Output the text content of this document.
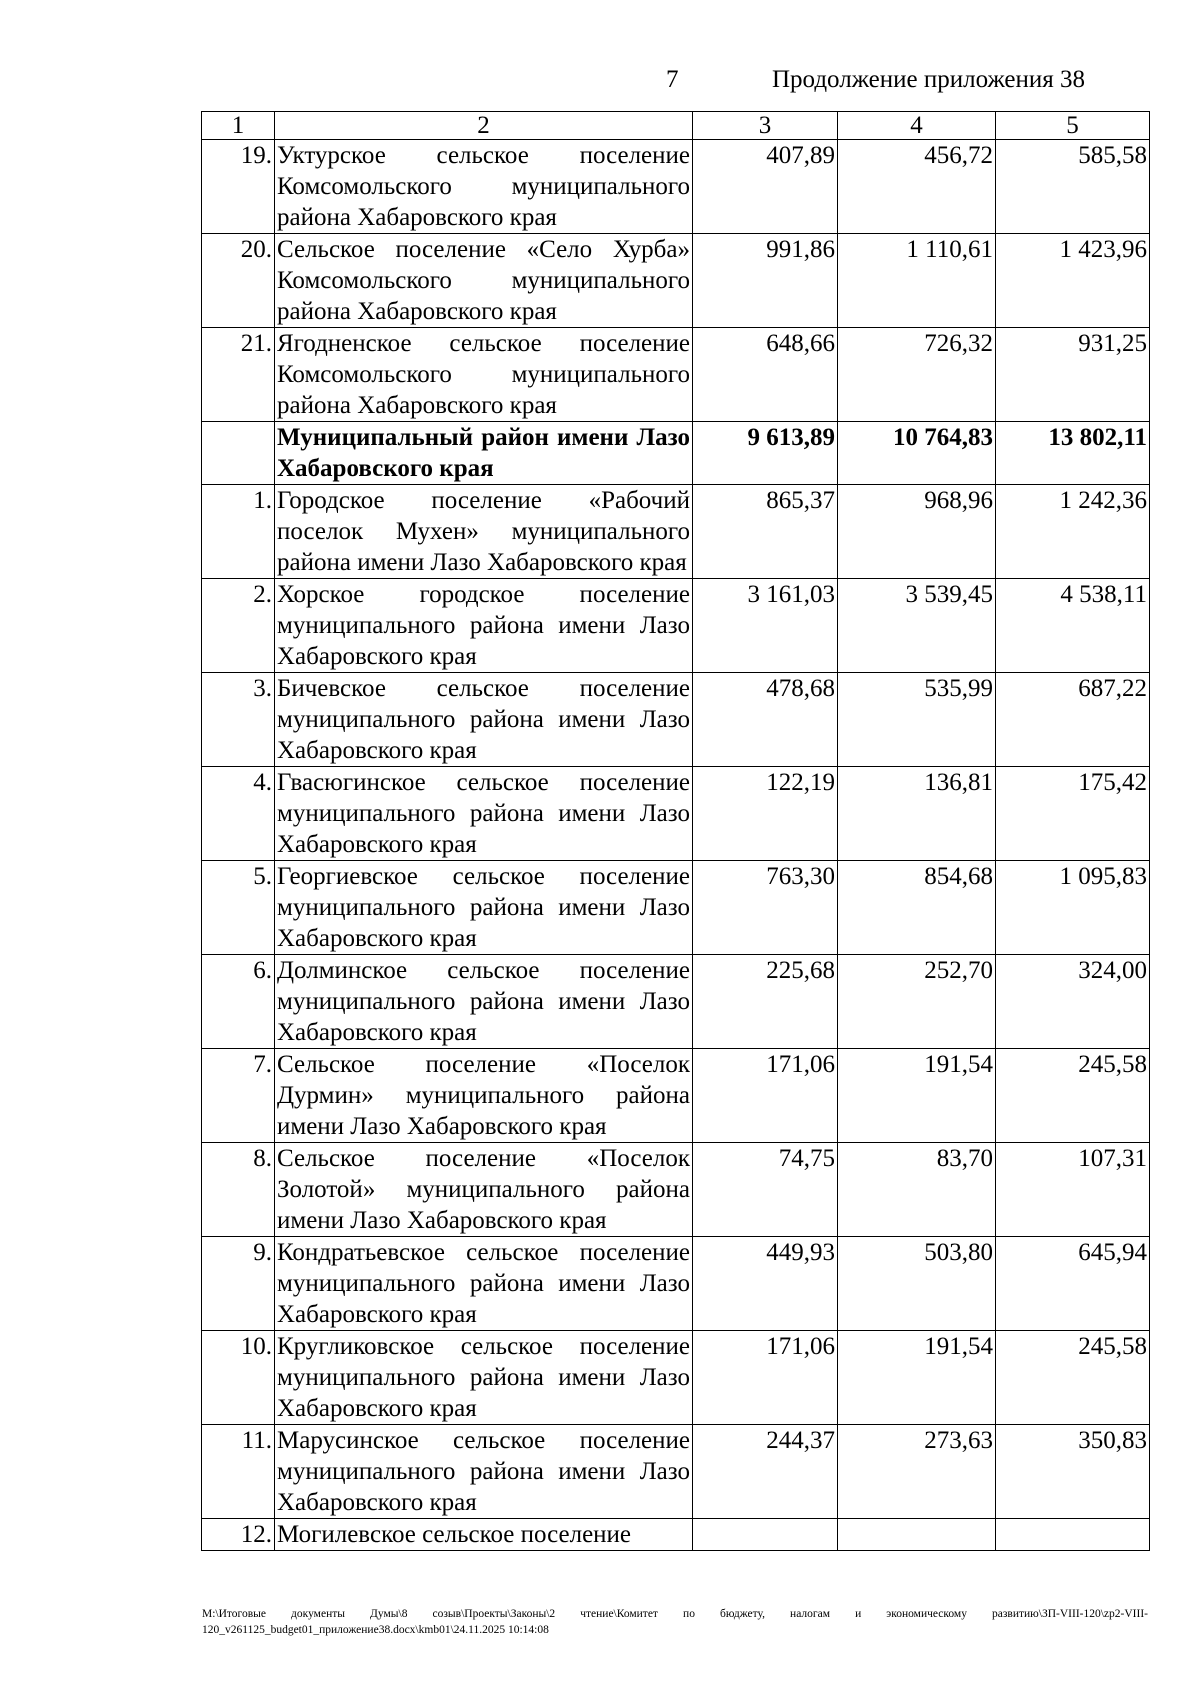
7	Продолжение приложения 38
1	2	3	4	5
19.	Уктурское сельское поселение Комсомольского муниципального района Хабаровского края	407,89	456,72	585,58
20.	Сельское поселение «Село Хурба» Комсомольского муниципального района Хабаровского края	991,86	1 110,61	1 423,96
21.	Ягодненское сельское поселение Комсомольского муниципального района Хабаровского края	648,66	726,32	931,25
	Муниципальный район имени Лазо Хабаровского края	9 613,89	10 764,83	13 802,11
1.	Городское поселение «Рабочий поселок Мухен» муниципального района имени Лазо Хабаровского края	865,37	968,96	1 242,36
2.	Хорское городское поселение муниципального района имени Лазо Хабаровского края	3 161,03	3 539,45	4 538,11
3.	Бичевское сельское поселение муниципального района имени Лазо Хабаровского края	478,68	535,99	687,22
4.	Гвасюгинское сельское поселение муниципального района имени Лазо Хабаровского края	122,19	136,81	175,42
5.	Георгиевское сельское поселение муниципального района имени Лазо Хабаровского края	763,30	854,68	1 095,83
6.	Долминское сельское поселение муниципального района имени Лазо Хабаровского края	225,68	252,70	324,00
7.	Сельское поселение «Поселок Дурмин» муниципального района имени Лазо Хабаровского края	171,06	191,54	245,58
8.	Сельское поселение «Поселок Золотой» муниципального района имени Лазо Хабаровского края	74,75	83,70	107,31
9.	Кондратьевское сельское поселение муниципального района имени Лазо Хабаровского края	449,93	503,80	645,94
10.	Кругликовское сельское поселение муниципального района имени Лазо Хабаровского края	171,06	191,54	245,58
11.	Марусинское сельское поселение муниципального района имени Лазо Хабаровского края	244,37	273,63	350,83
12.	Могилевское сельское поселение			
М:\Итоговые документы Думы\8 созыв\Проекты\Законы\2 чтение\Комитет по бюджету, налогам и экономическому развитию\ЗП-VIII-120\zp2-VIII-120_v261125_budget01_приложение38.docx\kmb01\24.11.2025 10:14:08
